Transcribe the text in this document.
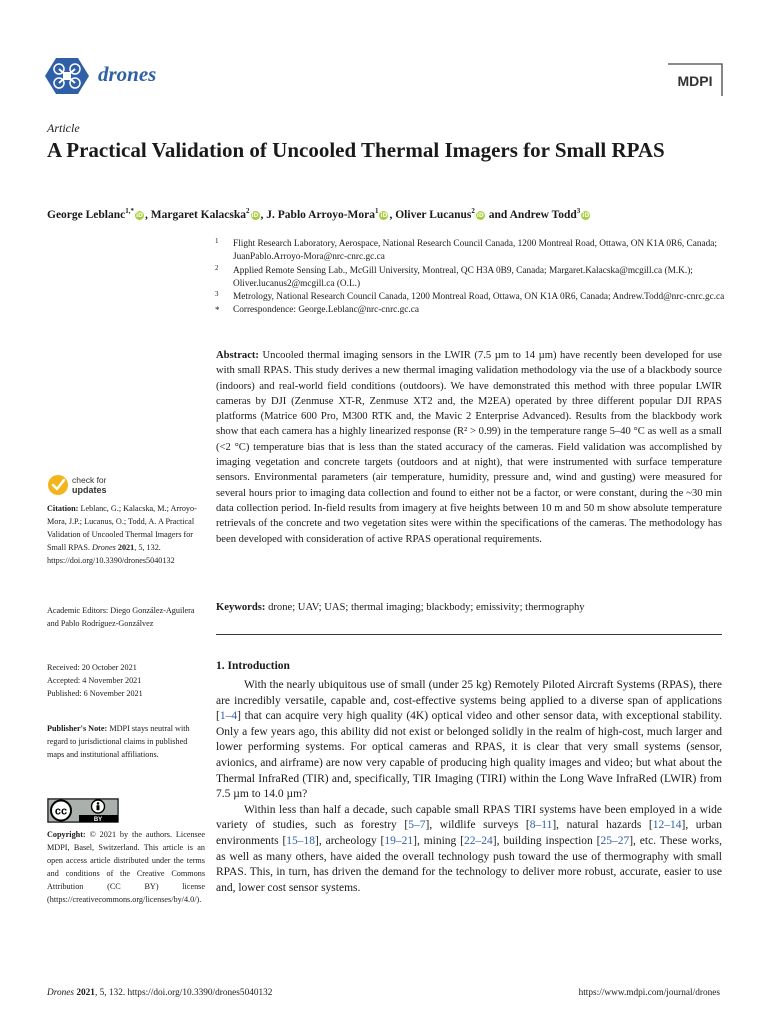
drones	MDPI
Article
A Practical Validation of Uncooled Thermal Imagers for Small RPAS
George Leblanc$^{1,*}$iD , Margaret Kalacska$^2$iD , J. Pablo Arroyo-Mora$^1$iD , Oliver Lucanus$^2$iD and Andrew Todd$^3$iD
1 Flight Research Laboratory, Aerospace, National Research Council Canada, 1200 Montreal Road, Ottawa, ON K1A 0R6, Canada; JuanPablo.Arroyo-Mora@nrc-cnrc.gc.ca
2 Applied Remote Sensing Lab., McGill University, Montreal, QC H3A 0B9, Canada; Margaret.Kalacska@mcgill.ca (M.K.); Oliver.lucanus2@mcgill.ca (O.L.)
3 Metrology, National Research Council Canada, 1200 Montreal Road, Ottawa, ON K1A 0R6, Canada; Andrew.Todd@nrc-cnrc.gc.ca
* Correspondence: George.Leblanc@nrc-cnrc.gc.ca
Abstract: Uncooled thermal imaging sensors in the LWIR (7.5 µm to 14 µm) have recently been developed for use with small RPAS. This study derives a new thermal imaging validation methodology via the use of a blackbody source (indoors) and real-world field conditions (outdoors). We have demonstrated this method with three popular LWIR cameras by DJI (Zenmuse XT-R, Zenmuse XT2 and, the M2EA) operated by three different popular DJI RPAS platforms (Matrice 600 Pro, M300 RTK and, the Mavic 2 Enterprise Advanced). Results from the blackbody work show that each camera has a highly linearized response (R² > 0.99) in the temperature range 5–40 °C as well as a small (<2 °C) temperature bias that is less than the stated accuracy of the cameras. Field validation was accomplished by imaging vegetation and concrete targets (outdoors and at night), that were instrumented with surface temperature sensors. Environmental parameters (air temperature, humidity, pressure and, wind and gusting) were measured for several hours prior to imaging data collection and found to either not be a factor, or were constant, during the ~30 min data collection period. In-field results from imagery at five heights between 10 m and 50 m show absolute temperature retrievals of the concrete and two vegetation sites were within the specifications of the cameras. The methodology has been developed with consideration of active RPAS operational requirements.
Keywords: drone; UAV; UAS; thermal imaging; blackbody; emissivity; thermography
check for
updates
Citation: Leblanc, G.; Kalacska, M.; Arroyo-Mora, J.P.; Lucanus, O.; Todd, A. A Practical Validation of Uncooled Thermal Imagers for Small RPAS. Drones 2021, 5, 132. https://doi.org/10.3390/drones5040132
Academic Editors: Diego González-Aguilera and Pablo Rodríguez-Gonzálvez
Received: 20 October 2021
Accepted: 4 November 2021
Published: 6 November 2021
Publisher's Note: MDPI stays neutral with regard to jurisdictional claims in published maps and institutional affiliations.
cc
BY
Copyright: © 2021 by the authors. Licensee MDPI, Basel, Switzerland. This article is an open access article distributed under the terms and conditions of the Creative Commons Attribution (CC BY) license (https://creativecommons.org/licenses/by/4.0/).
1. Introduction

With the nearly ubiquitous use of small (under 25 kg) Remotely Piloted Aircraft Systems (RPAS), there are incredibly versatile, capable and, cost-effective systems being applied to a diverse span of applications [1–4] that can acquire very high quality (4K) optical video and other sensor data, with exceptional stability. Only a few years ago, this ability did not exist or belonged solidly in the realm of high-cost, much larger and lower performing systems. For optical cameras and RPAS, it is clear that very small systems (sensor, avionics, and airframe) are now very capable of producing high quality images and video; but what about the Thermal InfraRed (TIR) and, specifically, TIR Imaging (TIRI) within the Long Wave InfraRed (LWIR) from 7.5 µm to 14.0 µm?

Within less than half a decade, such capable small RPAS TIRI systems have been employed in a wide variety of studies, such as forestry [5–7], wildlife surveys [8–11], natural hazards [12–14], urban environments [15–18], archeology [19–21], mining [22–24], building inspection [25–27], etc. These works, as well as many others, have aided the overall technology push toward the use of thermography with small RPAS. This, in turn, has driven the demand for the technology to deliver more robust, accurate, easier to use and, lower cost sensor systems.

Drones 2021, 5, 132. https://doi.org/10.3390/drones5040132	https://www.mdpi.com/journal/drones
